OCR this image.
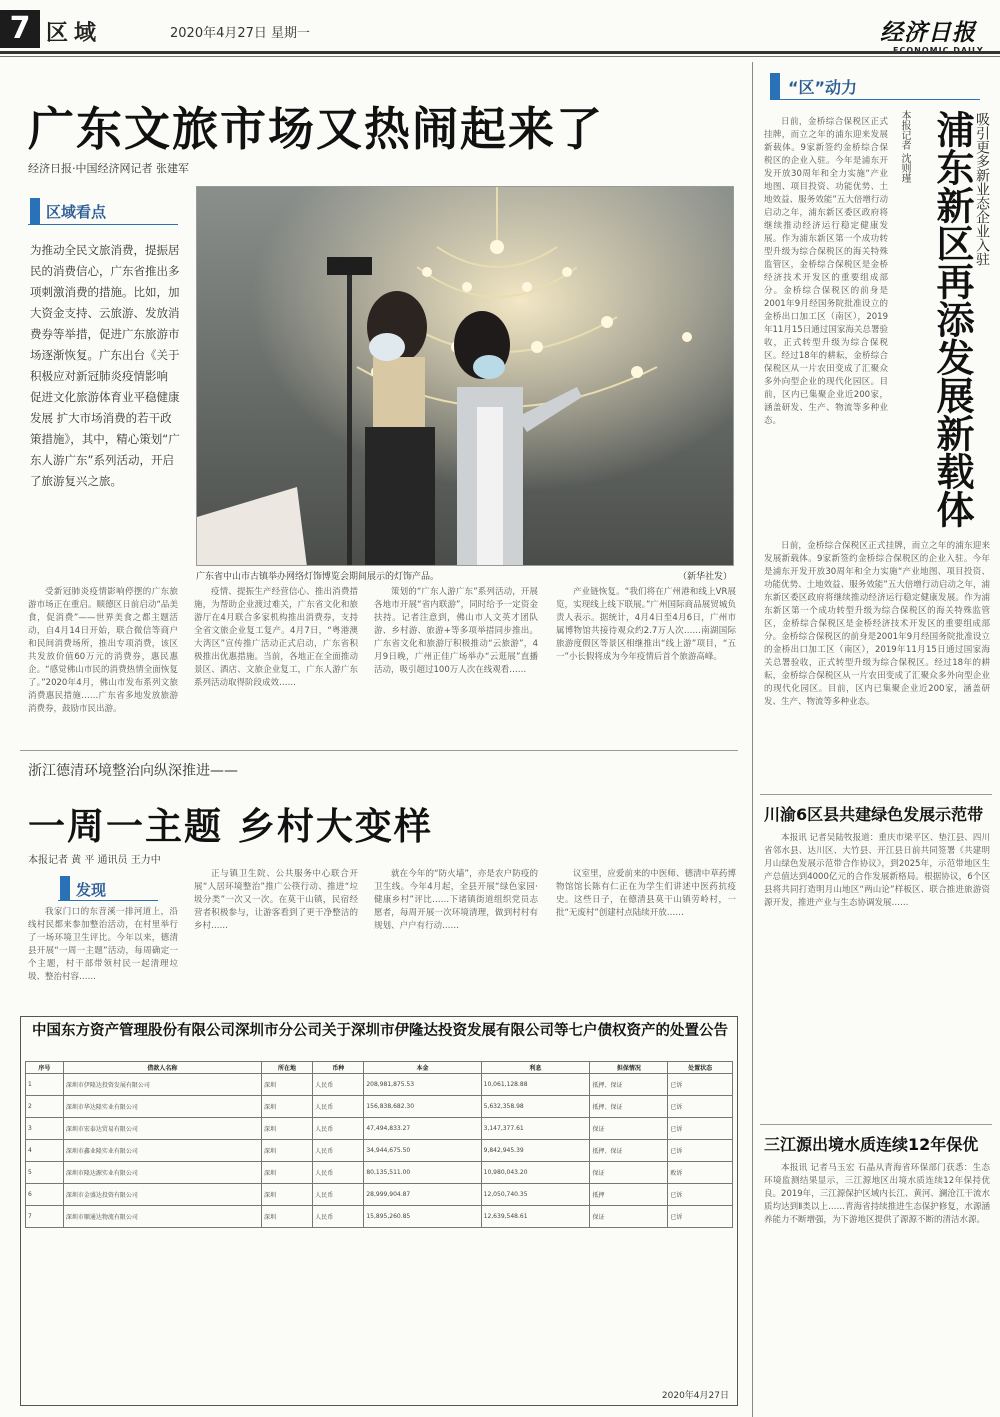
7 区域	2020年4月27日 星期一	经济日报
广东文旅市场又热闹起来了
经济日报·中国经济网记者 张建军
区域看点
为推动全民文旅消费，提振居民的消费信心，广东省推出多项刺激消费的措施。比如，加大资金支持、云旅游、发放消费券等举措，促进广东旅游市场逐渐恢复。广东出台《关于积极应对新冠肺炎疫情影响 促进文化旅游体育业平稳健康发展 扩大市场消费的若干政策措施》，其中，精心策划“广东人游广东”系列活动，开启了旅游复兴之旅。
广东省中山市古镇举办网络灯饰博览会期间展示的灯饰产品。	（新华社发）

受新冠肺炎疫情影响停摆的广东旅游市场正在重启。顺德区日前启动“品美食，促消费”——世界美食之都主题活动，自4月14日开始，联合微信等商户和民间消费场所，推出专项消费，该区共发放价值60万元的消费券，惠民惠企。“感觉佛山市民的消费热情全面恢复了。”2020年4月，佛山市发布系列文旅消费惠民措施……广东省多地发放旅游消费券，鼓励市民出游。

疫情、提振生产经营信心、推出消费措施，为帮助企业渡过难关，广东省文化和旅游厅在4月联合多家机构推出消费券，支持全省文旅企业复工复产。4月7日，“粤港澳大湾区”宣传推广活动正式启动，广东省积极推出优惠措施。当前，各地正在全面推动景区、酒店、文旅企业复工，广东人游广东系列活动取得阶段成效……

策划的“广东人游广东”系列活动，开展各地市开展“省内联游”，同时给予一定资金扶持。记者注意到，佛山市人文英才团队游、乡村游、旅游+等多项举措同步推出。广东省文化和旅游厅积极推动“云旅游”，4月9日晚，广州正佳广场举办“云逛展”直播活动，吸引超过100万人次在线观看……

产业链恢复。“我们将在广州港和线上VR展览，实现线上线下联展。”广州国际商品展贸城负责人表示。据统计，4月4日至4月6日，广州市属博物馆共接待观众约2.7万人次……南湖国际旅游度假区等景区相继推出“线上游”项目，“五一”小长假将成为今年疫情后首个旅游高峰。

浙江德清环境整治向纵深推进——
一周一主题 乡村大变样
本报记者 黄 平 通讯员 王力中
发现

我家门口的东苕溪一排河道上，沿线村民都来参加整治活动，在村里举行了一场环境卫生评比。今年以来，德清县开展“一周一主题”活动，每周确定一个主题，村干部带领村民一起清理垃圾、整治村容……

正与镇卫生院、公共服务中心联合开展“人居环境整治”推广公筷行动、推进“垃圾分类”一次又一次。在莫干山镇，民宿经营者积极参与，让游客看到了更干净整洁的乡村……

就在今年的“防火墙”，亦是农户防疫的卫生线。今年4月起，全县开展“绿色家园·健康乡村”评比……下诸镇街道组织党员志愿者，每周开展一次环境清理，做到村村有规划、户户有行动……

议室里，应爱前来的中医师、德清中草药博物馆馆长陈有仁正在为学生们讲述中医药抗疫史。这些日子，在德清县莫干山镇劳岭村，一批“无废村”创建村点陆续开放……

中国东方资产管理股份有限公司深圳市分公司关于深圳市伊隆达投资发展有限公司等七户债权资产的处置公告
序号	借款人名称	所在地	币种	本金	利息	担保情况	处置状态
1	深圳市伊隆达投资发展有限公司	深圳	人民币	208,981,875.53	10,061,128.88	抵押、保证	已诉
2	深圳市华达隆实业有限公司	深圳	人民币	156,838,682.30	5,632,358.98	抵押、保证	已诉
3	深圳市宏泰达贸易有限公司	深圳	人民币	47,494,833.27	3,147,377.61	保证	已诉
4	深圳市鑫业隆实业有限公司	深圳	人民币	34,944,675.50	9,842,945.39	抵押、保证	已诉
5	深圳市隆达源实业有限公司	深圳	人民币	80,135,511.00	10,980,043.20	保证	败诉
6	深圳市金盛达投资有限公司	深圳	人民币	28,999,904.87	12,050,740.35	抵押	已诉
7	深圳市顺通达物流有限公司	深圳	人民币	15,895,260.85	12,639,548.61	保证	已诉
2020年4月27日
“区”动力
浦东新区再添发展新载体 吸引更多新业态企业入驻
本报记者 沈则瑾

日前，金桥综合保税区正式挂牌，而立之年的浦东迎来发展新载体。9家新签约金桥综合保税区的企业入驻。今年是浦东开发开放30周年和全力实施“产业地图、项目投资、功能优势、土地效益、服务效能”五大倍增行动启动之年，浦东新区委区政府将继续推动经济运行稳定健康发展。作为浦东新区第一个成功转型升级为综合保税区的海关特殊监管区，金桥综合保税区是金桥经济技术开发区的重要组成部分。金桥综合保税区的前身是2001年9月经国务院批准设立的金桥出口加工区（南区），2019年11月15日通过国家海关总署验收，正式转型升级为综合保税区。经过18年的耕耘，金桥综合保税区从一片农田变成了汇聚众多外向型企业的现代化园区。目前，区内已集聚企业近200家，涵盖研发、生产、物流等多种业态。

日前，金桥综合保税区正式挂牌，而立之年的浦东迎来发展新载体。9家新签约金桥综合保税区的企业入驻。今年是浦东开发开放30周年和全力实施“产业地图、项目投资、功能优势、土地效益、服务效能”五大倍增行动启动之年，浦东新区委区政府将继续推动经济运行稳定健康发展。作为浦东新区第一个成功转型升级为综合保税区的海关特殊监管区，金桥综合保税区是金桥经济技术开发区的重要组成部分。金桥综合保税区的前身是2001年9月经国务院批准设立的金桥出口加工区（南区），2019年11月15日通过国家海关总署验收，正式转型升级为综合保税区。经过18年的耕耘，金桥综合保税区从一片农田变成了汇聚众多外向型企业的现代化园区。目前，区内已集聚企业近200家，涵盖研发、生产、物流等多种业态。

川渝6区县共建绿色发展示范带

本报讯 记者吴陆牧报道：重庆市梁平区、垫江县、四川省邻水县、达川区、大竹县、开江县日前共同签署《共建明月山绿色发展示范带合作协议》，到2025年，示范带地区生产总值达到4000亿元的合作发展新格局。根据协议，6个区县将共同打造明月山地区“两山论”样板区、联合推进旅游资源开发，推进产业与生态协调发展……

三江源出境水质连续12年保优

本报讯 记者马玉宏 石晶从青海省环保部门获悉：生态环境监测结果显示，三江源地区出境水质连续12年保持优良。2019年，三江源保护区域内长江、黄河、澜沧江干流水质均达到Ⅱ类以上……青海省持续推进生态保护修复，水源涵养能力不断增强，为下游地区提供了源源不断的清洁水源。
